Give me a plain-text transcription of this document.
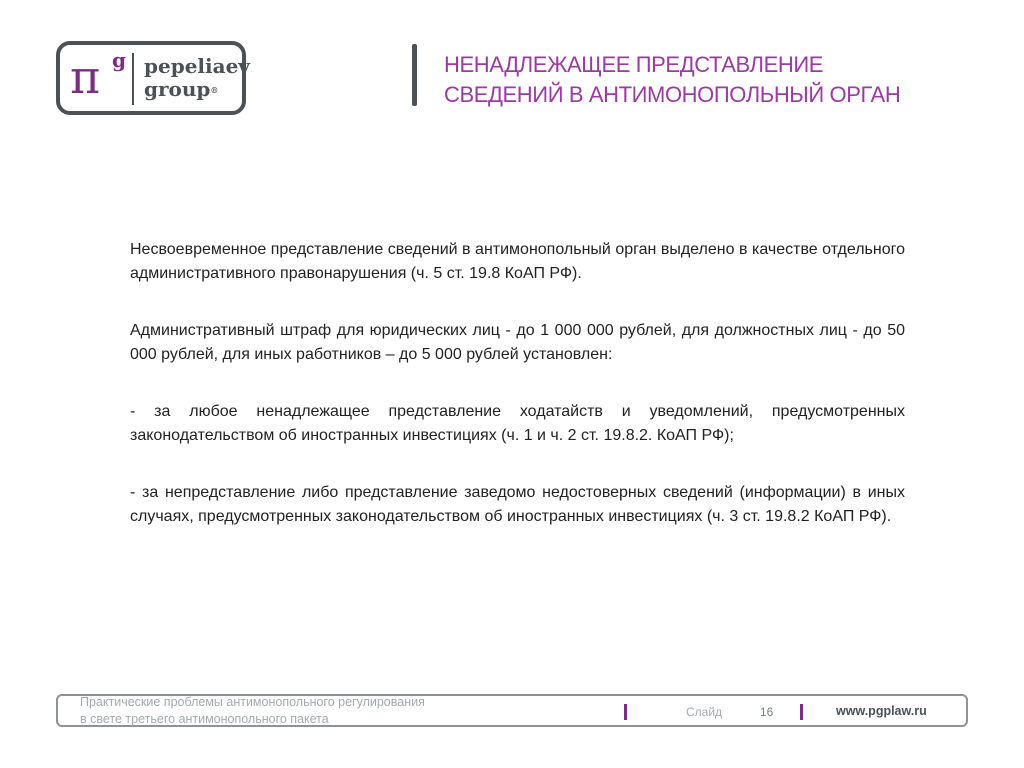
π g pepeliaev
group®
НЕНАДЛЕЖАЩЕЕ ПРЕДСТАВЛЕНИЕ
СВЕДЕНИЙ В АНТИМОНОПОЛЬНЫЙ ОРГАН

Несвоевременное представление сведений в антимонопольный орган выделено в качестве отдельного административного правонарушения (ч. 5 ст. 19.8 КоАП РФ).

Административный штраф для юридических лиц - до 1 000 000 рублей, для должностных лиц - до 50 000 рублей, для иных работников – до 5 000 рублей установлен:

- за любое ненадлежащее представление ходатайств и уведомлений, предусмотренных законодательством об иностранных инвестициях (ч. 1 и ч. 2 ст. 19.8.2. КоАП РФ);

- за непредставление либо представление заведомо недостоверных сведений (информации) в иных случаях, предусмотренных законодательством об иностранных инвестициях (ч. 3 ст. 19.8.2 КоАП РФ).

Практические проблемы антимонопольного регулирования
в свете третьего антимонопольного пакета	Слайд	16	www.pgplaw.ru
